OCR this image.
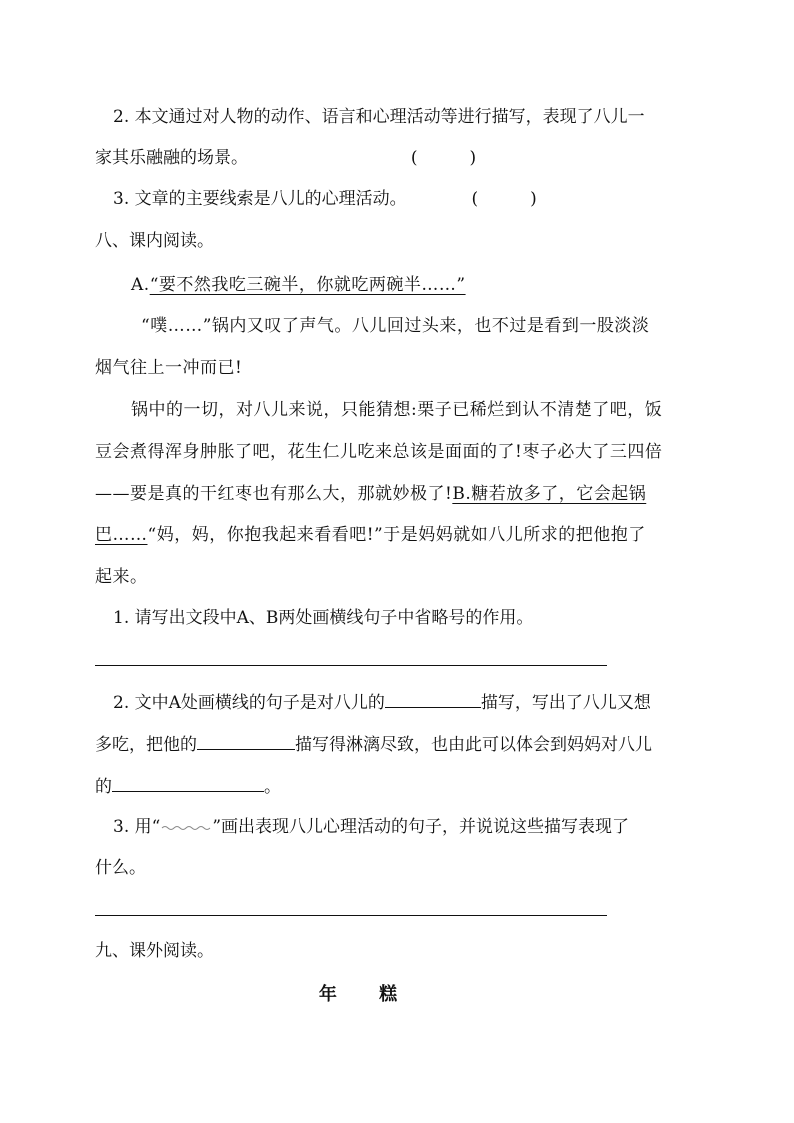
2. 本文通过对人物的动作、语言和心理活动等进行描写，表现了八儿一
家其乐融融的场景。	(	)
3. 文章的主要线索是八儿的心理活动。	(	)
八、课内阅读。
A.“要不然我吃三碗半，你就吃两碗半……”
“噗……”锅内又叹了声气。八儿回过头来，也不过是看到一股淡淡
烟气往上一冲而已!
锅中的一切，对八儿来说，只能猜想:栗子已稀烂到认不清楚了吧，饭
豆会煮得浑身肿胀了吧，花生仁儿吃来总该是面面的了!枣子必大了三四倍
——要是真的干红枣也有那么大，那就妙极了!B.糖若放多了，它会起锅
巴……“妈，妈，你抱我起来看看吧!”于是妈妈就如八儿所求的把他抱了
起来。
1. 请写出文段中A、B两处画横线句子中省略号的作用。
2. 文中A处画横线的句子是对八儿的	描写，写出了八儿又想
多吃，把他的	描写得淋漓尽致，也由此可以体会到妈妈对八儿
的	。
3. 用“	”画出表现八儿心理活动的句子，并说说这些描写表现了
什么。
九、课外阅读。
年 糕
